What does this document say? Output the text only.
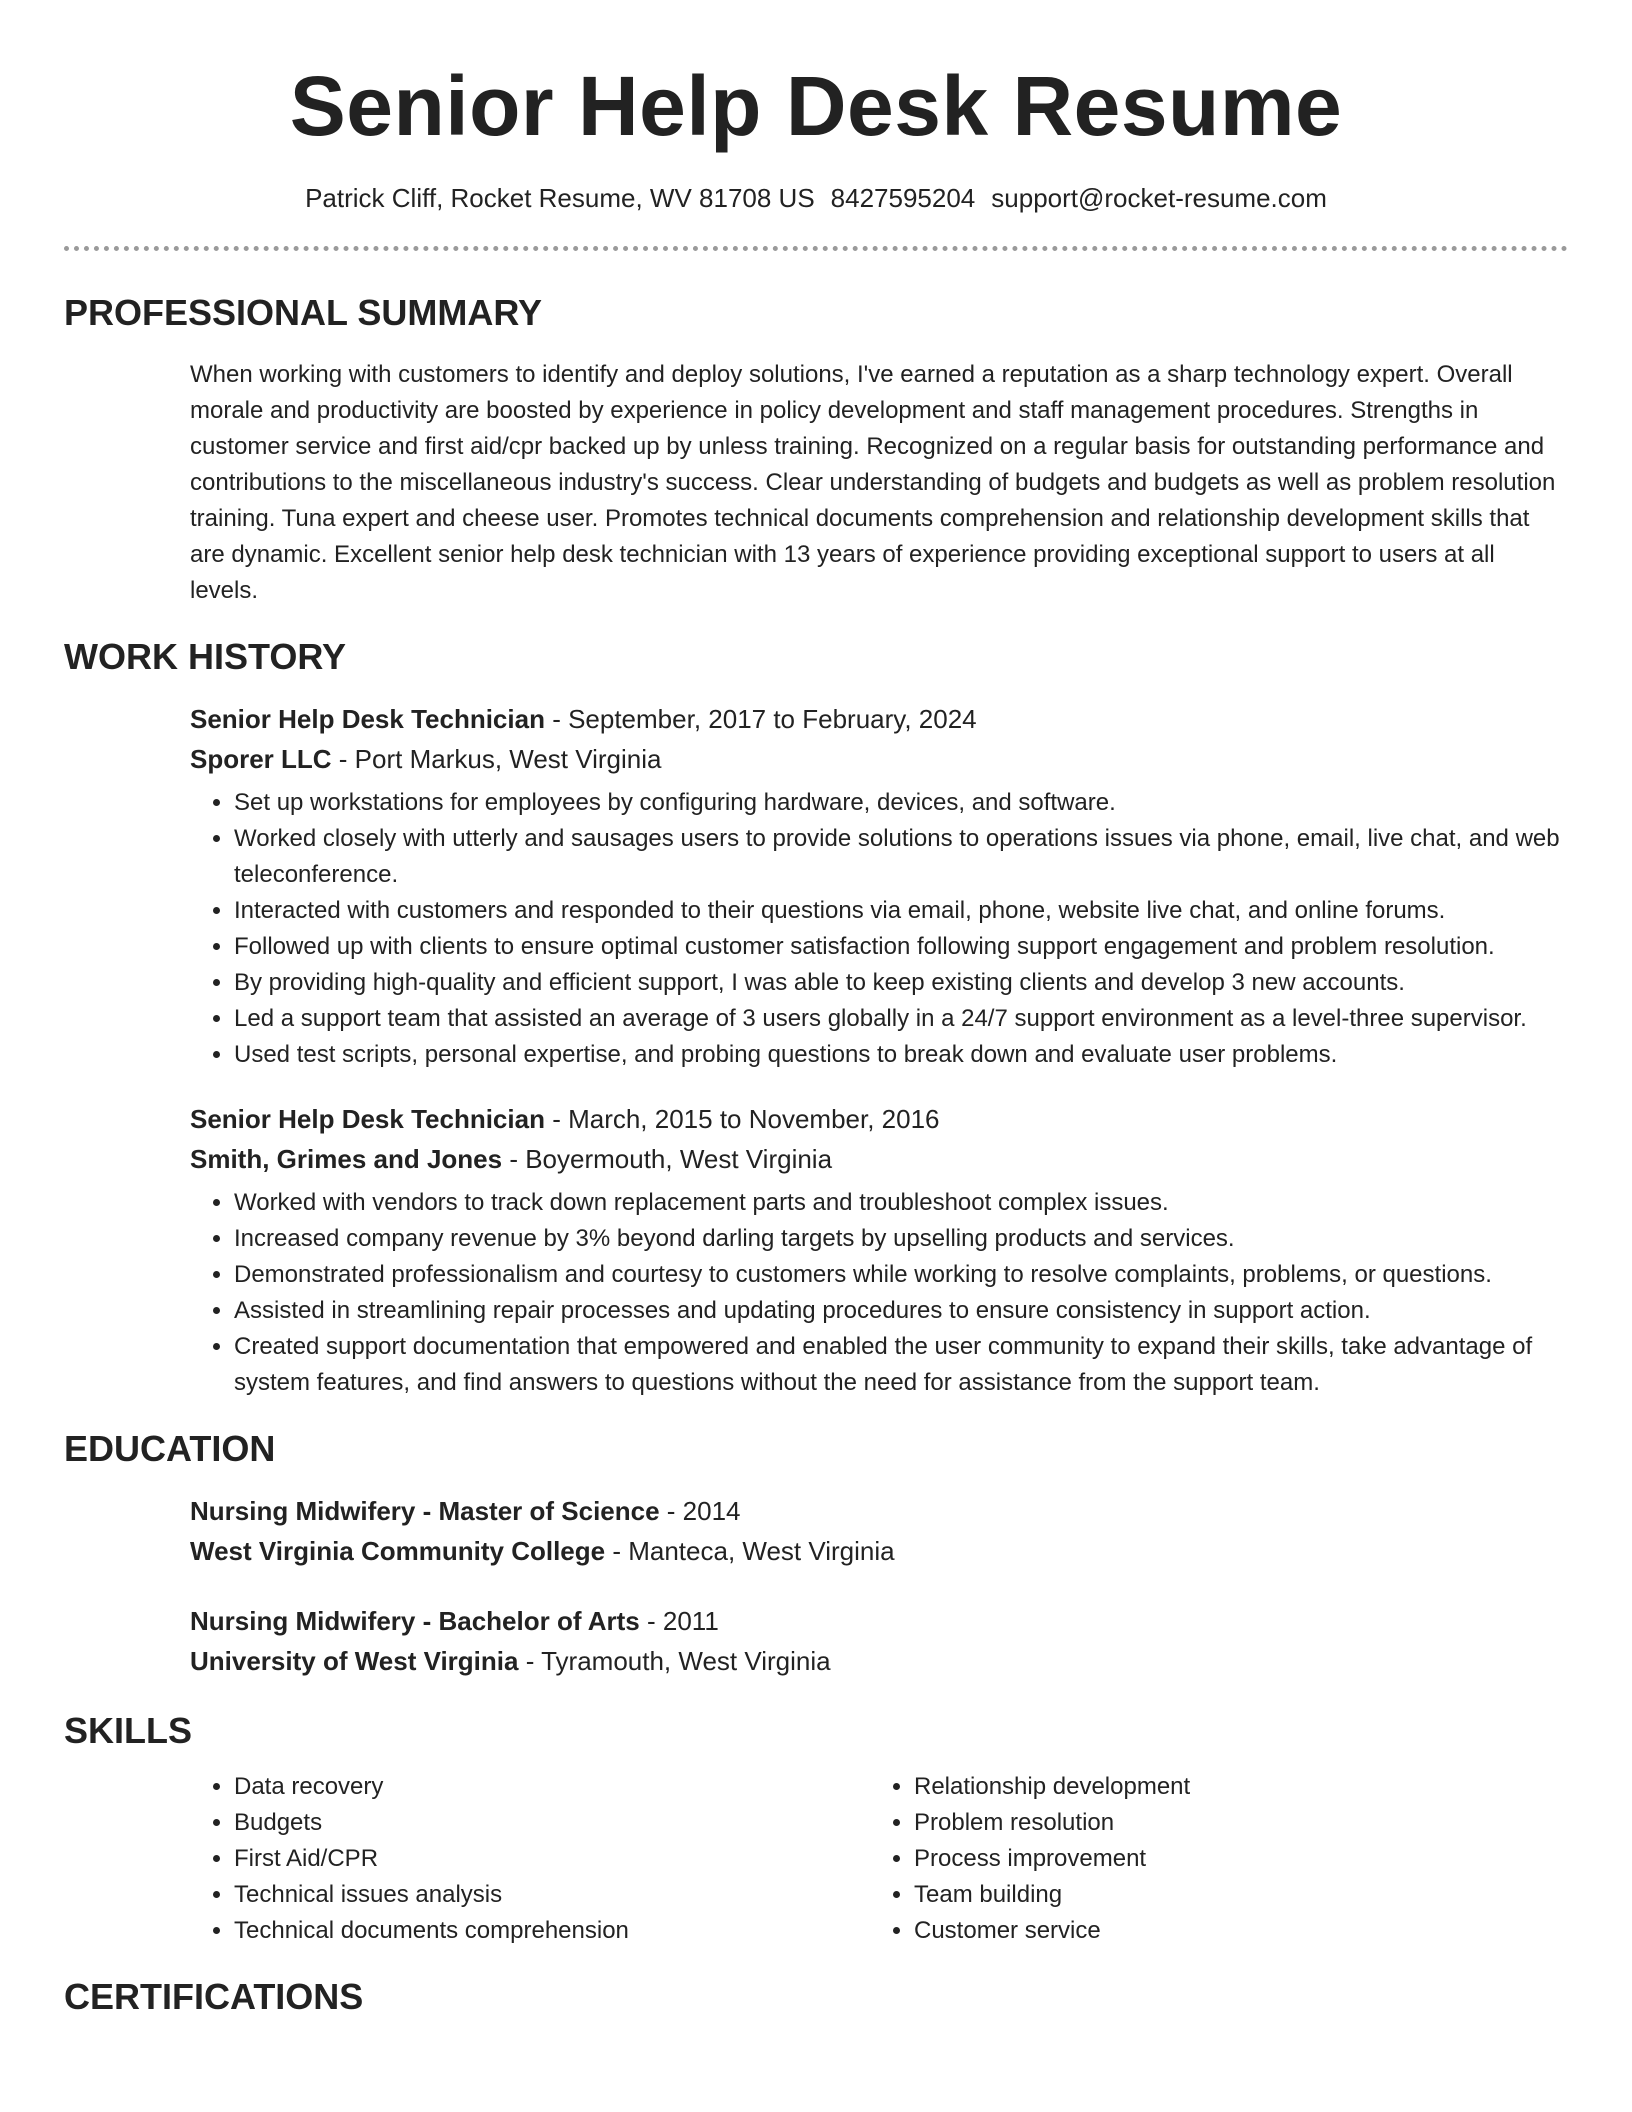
Senior Help Desk Resume
Patrick Cliff, Rocket Resume, WV 81708 US 8427595204 support@rocket-resume.com
PROFESSIONAL SUMMARY

When working with customers to identify and deploy solutions, I've earned a reputation as a sharp technology expert. Overall morale and productivity are boosted by experience in policy development and staff management procedures. Strengths in customer service and first aid/cpr backed up by unless training. Recognized on a regular basis for outstanding performance and contributions to the miscellaneous industry's success. Clear understanding of budgets and budgets as well as problem resolution training. Tuna expert and cheese user. Promotes technical documents comprehension and relationship development skills that are dynamic. Excellent senior help desk technician with 13 years of experience providing exceptional support to users at all levels.

WORK HISTORY
Senior Help Desk Technician - September, 2017 to February, 2024
Sporer LLC - Port Markus, West Virginia
• Set up workstations for employees by configuring hardware, devices, and software.
• Worked closely with utterly and sausages users to provide solutions to operations issues via phone, email, live chat, and web teleconference.
• Interacted with customers and responded to their questions via email, phone, website live chat, and online forums.
• Followed up with clients to ensure optimal customer satisfaction following support engagement and problem resolution.
• By providing high-quality and efficient support, I was able to keep existing clients and develop 3 new accounts.
• Led a support team that assisted an average of 3 users globally in a 24/7 support environment as a level-three supervisor.
• Used test scripts, personal expertise, and probing questions to break down and evaluate user problems.
Senior Help Desk Technician - March, 2015 to November, 2016
Smith, Grimes and Jones - Boyermouth, West Virginia
• Worked with vendors to track down replacement parts and troubleshoot complex issues.
• Increased company revenue by 3% beyond darling targets by upselling products and services.
• Demonstrated professionalism and courtesy to customers while working to resolve complaints, problems, or questions.
• Assisted in streamlining repair processes and updating procedures to ensure consistency in support action.
• Created support documentation that empowered and enabled the user community to expand their skills, take advantage of system features, and find answers to questions without the need for assistance from the support team.
EDUCATION
Nursing Midwifery - Master of Science - 2014
West Virginia Community College - Manteca, West Virginia
Nursing Midwifery - Bachelor of Arts - 2011
University of West Virginia - Tyramouth, West Virginia
SKILLS
• Data recovery
• Budgets
• First Aid/CPR
• Technical issues analysis
• Technical documents comprehension
• Relationship development
• Problem resolution
• Process improvement
• Team building
• Customer service
CERTIFICATIONS
